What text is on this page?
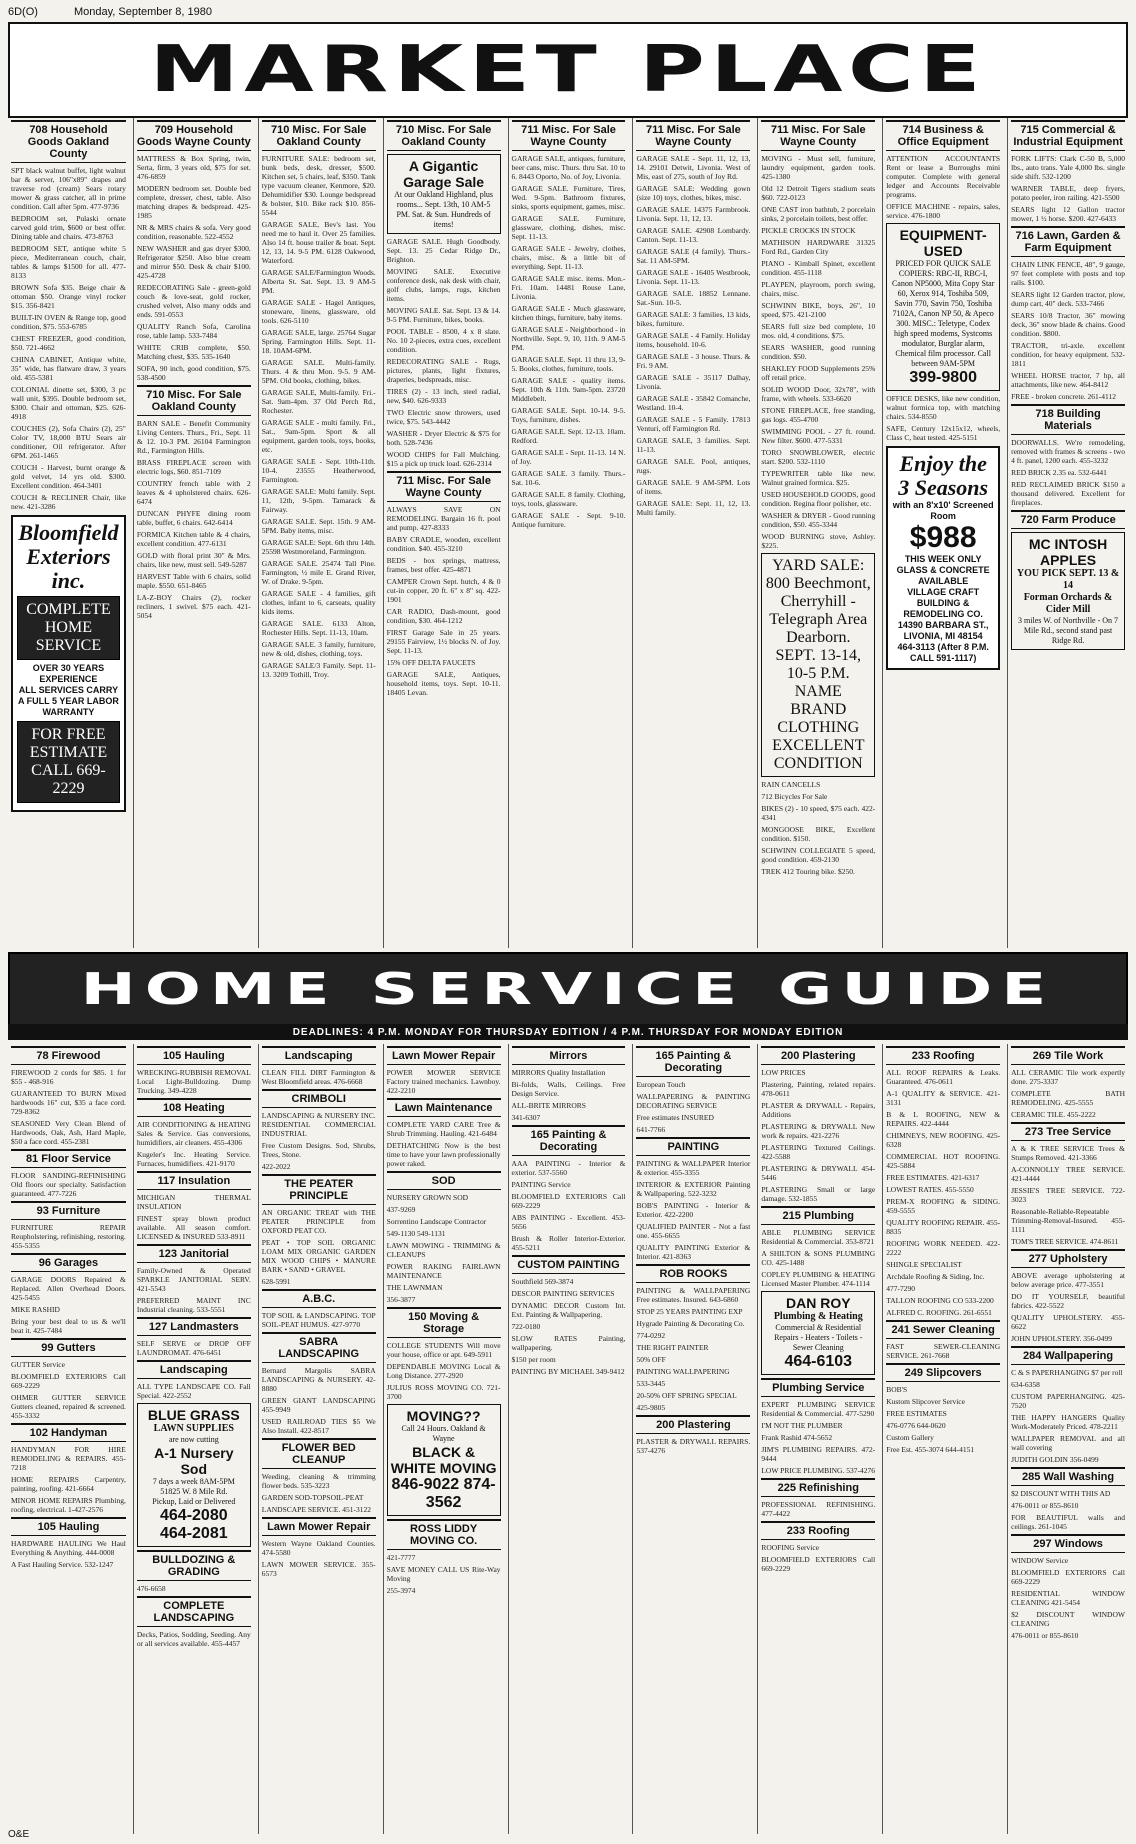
6D(O)	Monday, September 8, 1980
MARKET PLACE
708 Household Goods Oakland County
SPT black walnut buffet, light walnut bar & server, 106"x89" drapes and traverse rod (cream) Sears rotary mower & grass catcher, all in prime condition. Call after 5pm. 477-9736
BEDROOM set, Pulaski ornate carved gold trim, $600 or best offer. Dining table and chairs. 473-8763
BEDROOM SET, antique white 5 piece, Mediterranean couch, chair, tables & lamps $1500 for all. 477-8133
BROWN Sofa $35. Beige chair & ottoman $50. Orange vinyl rocker $15. 356-8421
BUILT-IN OVEN & Range top, good condition, $75. 553-6785
CHEST FREEZER, good condition, $50. 721-4662
CHINA CABINET, Antique white, 35" wide, has flatware draw, 3 years old. 455-5381
COLONIAL dinette set, $300, 3 pc wall unit, $395. Double bedroom set, $300. Chair and ottoman, $25. 626-4918
COUCHES (2), Sofa Chairs (2), 25" Color TV, 18,000 BTU Sears air conditioner, Oil refrigerator. After 6PM. 261-1465
COUCH - Harvest, burnt orange & gold velvet, 14 yrs old. $300. Excellent condition. 464-3401
COUCH & RECLINER Chair, like new. 421-3286
Bloomfield Exteriors inc.
COMPLETE HOME SERVICE
OVER 30 YEARS EXPERIENCE
ALL SERVICES CARRY A FULL 5 YEAR LABOR WARRANTY
FOR FREE ESTIMATE CALL 669-2229
709 Household Goods Wayne County
MATTRESS & Box Spring, twin, Serta, firm, 3 years old, $75 for set. 476-6859
MODERN bedroom set. Double bed complete, dresser, chest, table. Also matching drapes & bedspread. 425-1985
NR & MRS chairs & sofa. Very good condition, reasonable. 522-4552
NEW WASHER and gas dryer $300. Refrigerator $250. Also blue cream and mirror $50. Desk & chair $100. 425-4728
REDECORATING Sale - green-gold couch & love-seat, gold rocker, crushed velvet, Also many odds and ends. 591-0553
QUALITY Ranch Sofa, Carolina rose, table lamp. 533-7484
WHITE CRIB complete, $50. Matching chest, $35. 535-1640
SOFA, 90 inch, good condition, $75. 538-4500
710 Misc. For Sale Oakland County
BARN SALE - Benefit Community Living Centers. Thurs., Fri., Sept. 11 & 12. 10-3 PM. 26104 Farmington Rd., Farmington Hills.
BRASS FIREPLACE screen with electric logs, $60. 851-7109
COUNTRY french table with 2 leaves & 4 upholstered chairs. 626-6474
DUNCAN PHYFE dining room table, buffet, 6 chairs. 642-6414
FORMICA Kitchen table & 4 chairs, excellent condition. 477-6131
GOLD with floral print 30" & Mrs. chairs, like new, must sell. 549-5287
HARVEST Table with 6 chairs, solid maple. $550. 651-8465
LA-Z-BOY Chairs (2), rocker recliners, 1 swivel. $75 each. 421-5054
710 Misc. For Sale Oakland County
FURNITURE SALE: bedroom set, bunk beds, desk, dresser, $500. Kitchen set, 5 chairs, leaf, $350. Tank type vacuum cleaner, Kenmore, $20. Dehumidifier $30. Lounge bedspread & bolster, $10. Bike rack $10. 856-5544
GARAGE SALE, Bev's last. You need me to haul it. Over 25 families. Also 14 ft. house trailer & boat. Sept. 12, 13, 14. 9-5 PM. 6128 Oakwood, Waterford.
GARAGE SALE/Farmington Woods. Alberta St. Sat. Sept. 13. 9 AM-5 PM.
GARAGE SALE - Hagel Antiques, stoneware, linens, glassware, old tools. 626-5110
GARAGE SALE, large. 25764 Sugar Spring. Farmington Hills. Sept. 11-18. 10AM-6PM.
GARAGE SALE. Multi-family. Thurs. 4 & thru Mon. 9-5. 9 AM-5PM. Old books, clothing, bikes.
GARAGE SALE, Multi-family. Fri.-Sat. 9am-4pm. 37 Old Perch Rd., Rochester.
GARAGE SALE - multi family. Fri., Sat., 9am-5pm. Sport & all equipment, garden tools, toys, books, etc.
GARAGE SALE - Sept. 10th-11th. 10-4. 23555 Heatherwood, Farmington.
GARAGE SALE: Multi family. Sept. 11, 12th, 9-5pm. Tamarack & Fairway.
GARAGE SALE. Sept. 15th. 9 AM-5PM. Baby items, misc.
GARAGE SALE: Sept. 6th thru 14th. 25598 Westmoreland, Farmington.
GARAGE SALE. 25474 Tall Pine. Farmington, ½ mile E. Grand River, W. of Drake. 9-5pm.
GARAGE SALE - 4 families, gift clothes, infant to 6, carseats, quality kids items.
GARAGE SALE. 6133 Alton, Rochester Hills. Sept. 11-13, 10am.
GARAGE SALE. 3 family, furniture, new & old, dishes, clothing, toys.
GARAGE SALE/3 Family. Sept. 11-13. 3209 Tothill, Troy.
710 Misc. For Sale Oakland County
A Gigantic Garage Sale
At our Oakland Highland, plus rooms... Sept. 13th, 10 AM-5 PM. Sat. & Sun. Hundreds of items!
GARAGE SALE. Hugh Goodbody. Sept. 13. 25 Cedar Ridge Dr., Brighton.
MOVING SALE. Executive conference desk, oak desk with chair, golf clubs, lamps, rugs, kitchen items.
MOVING SALE. Sat. Sept. 13 & 14. 9-5 PM. Furniture, bikes, books.
POOL TABLE - 8500, 4 x 8 slate. No. 10 2-pieces, extra cues, excellent condition.
REDECORATING SALE - Rugs, pictures, plants, light fixtures, draperies, bedspreads, misc.
TIRES (2) - 13 inch, steel radial, new, $40. 626-9333
TWO Electric snow throwers, used twice, $75. 543-4442
WASHER - Dryer Electric & $75 for both. 528-7436
WOOD CHIPS for Fall Mulching. $15 a pick up truck load. 626-2314
711 Misc. For Sale Wayne County
ALWAYS SAVE ON REMODELING. Bargain 16 ft. pool and pump. 427-8333
BABY CRADLE, wooden, excellent condition. $40. 455-3210
BEDS - box springs, mattress, frames, best offer. 425-4871
CAMPER Crown Sept. hutch, 4 & 0 cut-in copper, 20 ft. 6" x 8" sq. 422-1901
CAR RADIO, Dash-mount, good condition, $30. 464-1212
FIRST Garage Sale in 25 years. 29155 Fairview, 1½ blocks N. of Joy. Sept. 11-13.
15% OFF DELTA FAUCETS
GARAGE SALE, Antiques, household items, toys. Sept. 10-11. 18405 Levan.
711 Misc. For Sale Wayne County
GARAGE SALE, antiques, furniture, beer cans, misc. Thurs. thru Sat. 10 to 6. 8443 Oporto, No. of Joy, Livonia.
GARAGE SALE. Furniture, Tires, Wed. 9-5pm. Bathroom fixtures, sinks, sports equipment, games, misc.
GARAGE SALE. Furniture, glassware, clothing, dishes, misc. Sept. 11-13.
GARAGE SALE - Jewelry, clothes, chairs, misc. & a little bit of everything. Sept. 11-13.
GARAGE SALE misc. items. Mon.-Fri. 10am. 14481 Rouse Lane, Livonia.
GARAGE SALE - Much glassware, kitchen things, furniture, baby items.
GARAGE SALE - Neighborhood - in Northville. Sept. 9, 10, 11th. 9 AM-5 PM.
GARAGE SALE. Sept. 11 thru 13, 9-5. Books, clothes, furniture, tools.
GARAGE SALE - quality items. Sept. 10th & 11th. 9am-5pm. 23720 Middlebelt.
GARAGE SALE. Sept. 10-14. 9-5. Toys, furniture, dishes.
GARAGE SALE. Sept. 12-13. 10am. Redford.
GARAGE SALE - Sept. 11-13. 14 N. of Joy.
GARAGE SALE. 3 family. Thurs.-Sat. 10-6.
GARAGE SALE. 8 family. Clothing, toys, tools, glassware.
GARAGE SALE - Sept. 9-10. Antique furniture.
711 Misc. For Sale Wayne County
GARAGE SALE - Sept. 11, 12, 13, 14. 29101 Detwit, Livonia. West of Mis, east of 275, south of Joy Rd.
GARAGE SALE: Wedding gown (size 10) toys, clothes, bikes, misc.
GARAGE SALE. 14375 Farmbrook. Livonia. Sept. 11, 12, 13.
GARAGE SALE. 42908 Lombardy. Canton. Sept. 11-13.
GARAGE SALE (4 family). Thurs.-Sat. 11 AM-5PM.
GARAGE SALE - 16405 Westbrook, Livonia. Sept. 11-13.
GARAGE SALE. 18852 Lennane. Sat.-Sun. 10-5.
GARAGE SALE: 3 families, 13 kids, bikes, furniture.
GARAGE SALE - 4 Family. Holiday items, household. 10-6.
GARAGE SALE - 3 house. Thurs. & Fri. 9 AM.
GARAGE SALE - 35117 Dalhay, Livonia.
GARAGE SALE - 35842 Comanche, Westland. 10-4.
GARAGE SALE - 5 Family. 17813 Venturi, off Farmington Rd.
GARAGE SALE, 3 families. Sept. 11-13.
GARAGE SALE. Pool, antiques, rugs.
GARAGE SALE. 9 AM-5PM. Lots of items.
GARAGE SALE: Sept. 11, 12, 13. Multi family.
711 Misc. For Sale Wayne County
MOVING - Must sell, furniture, laundry equipment, garden tools. 425-1380
Old 12 Detroit Tigers stadium seats $60. 722-0123
ONE CAST iron bathtub, 2 porcelain sinks, 2 porcelain toilets, best offer.
PICKLE CROCKS IN STOCK
MATHISON HARDWARE 31325 Ford Rd., Garden City
PIANO - Kimball Spinet, excellent condition. 455-1118
PLAYPEN, playroom, porch swing, chairs, misc.
SCHWINN BIKE, boys, 26", 10 speed, $75. 421-2100
SEARS full size bed complete, 10 mos. old, 4 conditions. $75.
SEARS WASHER, good running condition. $50.
SHAKLEY FOOD Supplements 25% off retail price.
SOLID WOOD Door, 32x78", with frame, with wheels. 533-6620
STONE FIREPLACE, free standing, gas logs. 455-4700
SWIMMING POOL - 27 ft. round. New filter. $600. 477-5331
TORO SNOWBLOWER, electric start. $200. 532-1110
TYPEWRITER table like new. Walnut grained formica. $25.
USED HOUSEHOLD GOODS, good condition. Regina floor polisher, etc.
WASHER & DRYER - Good running condition, $50. 455-3344
WOOD BURNING stove, Ashley. $225.
YARD SALE: 800 Beechmont, Cherryhill - Telegraph Area Dearborn. SEPT. 13-14, 10-5 P.M. NAME BRAND CLOTHING EXCELLENT CONDITION
RAIN CANCELLS
712 Bicycles For Sale
BIKES (2) - 10 speed, $75 each. 422-4341
MONGOOSE BIKE, Excellent condition. $150.
SCHWINN COLLEGIATE 5 speed, good condition. 459-2130
TREK 412 Touring bike. $250.
714 Business & Office Equipment
ATTENTION ACCOUNTANTS Rent or lease a Burroughs mini computer. Complete with general ledger and Accounts Receivable programs.
OFFICE MACHINE - repairs, sales, service. 476-1800
EQUIPMENT-USED
PRICED FOR QUICK SALE COPIERS: RBC-II, RBC-I, Canon NP5000, Mita Copy Star 60, Xerox 914, Toshiba 509, Savin 770, Savin 750, Toshiba 7102A, Canon NP 50, & Apeco 300. MISC.: Teletype, Codex high speed modems, Systcoms modulator, Burglar alarm, Chemical film processor. Call between 9AM-5PM
399-9800
OFFICE DESKS, like new condition, walnut formica top, with matching chairs. 534-8550
SAFE, Century 12x15x12, wheels, Class C, heat tested. 425-5151
Enjoy the 3 Seasons
with an 8'x10' Screened Room
$988
THIS WEEK ONLY GLASS & CONCRETE AVAILABLE
VILLAGE CRAFT BUILDING & REMODELING CO.
14390 BARBARA ST., LIVONIA, MI 48154
464-3113 (After 8 P.M. CALL 591-1117)
715 Commercial & Industrial Equipment
FORK LIFTS: Clark C-50 B, 5,000 lbs., auto trans. Yale 4,000 lbs. single side shift. 532-1200
WARNER TABLE, deep fryers, potato peeler, iron railing. 421-5500
SEARS light 12 Gallon tractor mower, 1 ½ horse. $200. 427-6433
716 Lawn, Garden & Farm Equipment
CHAIN LINK FENCE, 48", 9 gauge, 97 feet complete with posts and top rails. $100.
SEARS light 12 Garden tractor, plow, dump cart, 40" deck. 533-7466
SEARS 10/8 Tractor, 36" mowing deck, 36" snow blade & chains. Good condition. $800.
TRACTOR, tri-axle. excellent condition, for heavy equipment. 532-1811
WHEEL HORSE tractor, 7 hp, all attachments, like new. 464-8412
FREE - broken concrete. 261-4112
718 Building Materials
DOORWALLS. We're remodeling, removed with frames & screens - two 4 ft. panel, 1200 each. 455-3232
RED BRICK 2.35 ea. 532-6441
RED RECLAIMED BRICK $150 a thousand delivered. Excellent for fireplaces.
720 Farm Produce
MC INTOSH APPLES
YOU PICK SEPT. 13 & 14
Forman Orchards & Cider Mill
3 miles W. of Northville - On 7 Mile Rd., second stand past Ridge Rd.
HOME SERVICE GUIDE
DEADLINES: 4 P.M. MONDAY FOR THURSDAY EDITION / 4 P.M. THURSDAY FOR MONDAY EDITION
78 Firewood
FIREWOOD 2 cords for $85. 1 for $55 - 468-916
GUARANTEED TO BURN Mixed hardwoods 16" cut, $35 a face cord. 729-8362
SEASONED Very Clean Blend of Hardwoods, Oak, Ash, Hard Maple, $50 a face cord. 455-2381
81 Floor Service
FLOOR SANDING-REFINISHING Old floors our specialty. Satisfaction guaranteed. 477-7226
93 Furniture
FURNITURE REPAIR Reupholstering, refinishing, restoring. 455-5355
96 Garages
GARAGE DOORS Repaired & Replaced. Allen Overhead Doors. 425-5455
MIKE RASHID
Bring your best deal to us & we'll beat it. 425-7484
99 Gutters
GUTTER Service
BLOOMFIELD EXTERIORS Call 669-2229
OHMER GUTTER SERVICE Gutters cleaned, repaired & screened. 455-3332
102 Handyman
HANDYMAN FOR HIRE REMODELING & REPAIRS. 455-7218
HOME REPAIRS Carpentry, painting, roofing. 421-6664
MINOR HOME REPAIRS Plumbing, roofing, electrical. 1-427-2576
105 Hauling
HARDWARE HAULING We Haul Everything & Anything. 444-0008
A Fast Hauling Service. 532-1247
105 Hauling
WRECKING-RUBBISH REMOVAL Local Light-Bulldozing. Dump Trucking. 349-4228
108 Heating
AIR CONDITIONING & HEATING Sales & Service. Gas conversions, humidifiers, air cleaners. 455-4306
Kugeler's Inc. Heating Service. Furnaces, humidifiers. 421-9170
117 Insulation
MICHIGAN THERMAL INSULATION
FINEST spray blown product available. All season comfort. LICENSED & INSURED 533-8911
123 Janitorial
Family-Owned & Operated SPARKLE JANITORIAL SERV. 421-5543
PREFERRED MAINT INC Industrial cleaning. 533-5551
127 Landmasters
SELF SERVE or DROP OFF LAUNDROMAT. 476-6451
Landscaping
ALL TYPE LANDSCAPE CO. Fall Special. 422-2552
BLUE GRASS
LAWN SUPPLIES
are now cutting
A-1 Nursery Sod
7 days a week 8AM-5PM
51825 W. 8 Mile Rd.
Pickup, Laid or Delivered
464-2080
464-2081
BULLDOZING & GRADING
476-6658
COMPLETE LANDSCAPING
Decks, Patios, Sodding, Seeding. Any or all services available. 455-4457
Landscaping
CLEAN FILL DIRT Farmington & West Bloomfield areas. 476-6668
CRIMBOLI
LANDSCAPING & NURSERY INC. RESIDENTIAL COMMERCIAL INDUSTRIAL
Free Custom Designs. Sod, Shrubs, Trees, Stone.
422-2022
THE PEATER PRINCIPLE
AN ORGANIC TREAT with THE PEATER PRINCIPLE from OXFORD PEAT CO.
PEAT • TOP SOIL ORGANIC LOAM MIX ORGANIC GARDEN MIX WOOD CHIPS • MANURE BARK • SAND • GRAVEL
628-5991
A.B.C.
TOP SOIL & LANDSCAPING. TOP SOIL-PEAT HUMUS. 427-9770
SABRA LANDSCAPING
Bernard Margolis SABRA LANDSCAPING & NURSERY. 42-8880
GREEN GIANT LANDSCAPING 455-9949
USED RAILROAD TIES $5 We Also Install. 422-8517
FLOWER BED CLEANUP
Weeding, cleaning & trimming flower beds. 535-3223
GARDEN SOD-TOPSOIL-PEAT
LANDSCAPE SERVICE. 451-3122
Lawn Mower Repair
Western Wayne Oakland Counties. 474-5580
LAWN MOWER SERVICE. 355-6573
Lawn Mower Repair
POWER MOWER SERVICE Factory trained mechanics. Lawnboy. 422-2210
Lawn Maintenance
COMPLETE YARD CARE Tree & Shrub Trimming. Hauling. 421-6484
DETHATCHING Now is the best time to have your lawn professionally power raked.
SOD
NURSERY GROWN SOD
437-9269
Sorrentino Landscape Contractor
549-1130 549-1131
LAWN MOWING - TRIMMING & CLEANUPS
POWER RAKING FAIRLAWN MAINTENANCE
THE LAWNMAN
356-3877
150 Moving & Storage
COLLEGE STUDENTS Will move your house, office or apt. 649-5911
DEPENDABLE MOVING Local & Long Distance. 277-2920
JULIUS ROSS MOVING CO. 721-3700
MOVING??
Call 24 Hours. Oakland & Wayne
BLACK & WHITE MOVING
846-9022 874-3562
ROSS LIDDY MOVING CO.
421-7777
SAVE MONEY CALL US Rite-Way Moving
255-3974
Mirrors
MIRRORS Quality Installation
Bi-folds, Walls, Ceilings. Free Design Service.
ALL-BRITE MIRRORS
341-6307
165 Painting & Decorating
AAA PAINTING - Interior & exterior. 537-5560
PAINTING Service
BLOOMFIELD EXTERIORS Call 669-2229
ABS PAINTING - Excellent. 453-5656
Brush & Roller Interior-Exterior. 455-5211
CUSTOM PAINTING
Southfield 569-3874
DESCOR PAINTING SERVICES
DYNAMIC DECOR Custom Int. Ext. Painting & Wallpapering.
722-0180
SLOW RATES Painting, wallpapering.
$150 per room
PAINTING BY MICHAEL 349-9412
165 Painting & Decorating
European Touch
WALLPAPERING & PAINTING DECORATING SERVICE
Free estimates INSURED
641-7766
PAINTING
PAINTING & WALLPAPER Interior & exterior. 455-3355
INTERIOR & EXTERIOR Painting & Wallpapering. 522-3232
BOB'S PAINTING - Interior & Exterior. 422-2200
QUALIFIED PAINTER - Not a fast one. 455-6655
QUALITY PAINTING Exterior & Interior. 421-8363
ROB ROOKS
PAINTING & WALLPAPERING Free estimates. Insured. 643-6860
STOP 25 YEARS PAINTING EXP
Hygrade Painting & Decorating Co.
774-0292
THE RIGHT PAINTER
50% OFF
PAINTING WALLPAPERING
533-3445
20-50% OFF SPRING SPECIAL
425-9805
200 Plastering
PLASTER & DRYWALL REPAIRS. 537-4276
200 Plastering
LOW PRICES
Plastering, Painting, related repairs. 478-0611
PLASTER & DRYWALL - Repairs, Additions
PLASTERING & DRYWALL New work & repairs. 421-2276
PLASTERING Textured Ceilings. 422-5588
PLASTERING & DRYWALL 454-5446
PLASTERING Small or large damage. 532-1855
215 Plumbing
ABLE PLUMBING SERVICE Residential & Commercial. 353-8721
A SHILTON & SONS PLUMBING CO. 425-1488
COPLEY PLUMBING & HEATING Licensed Master Plumber. 474-1114
DAN ROY
Plumbing & Heating
Commercial & Residential Repairs - Heaters - Toilets - Sewer Cleaning
464-6103
Plumbing Service
EXPERT PLUMBING SERVICE Residential & Commercial. 477-5290
I'M NOT THE PLUMBER
Frank Rashid 474-5652
JIM'S PLUMBING REPAIRS. 472-9444
LOW PRICE PLUMBING. 537-4276
225 Refinishing
PROFESSIONAL REFINISHING. 477-4422
233 Roofing
ROOFING Service
BLOOMFIELD EXTERIORS Call 669-2229
233 Roofing
ALL ROOF REPAIRS & Leaks. Guaranteed. 476-0611
A-1 QUALITY & SERVICE. 421-3131
B & L ROOFING, NEW & REPAIRS. 422-4444
CHIMNEYS, NEW ROOFING. 425-6328
COMMERCIAL HOT ROOFING. 425-5884
FREE ESTIMATES. 421-6317
LOWEST RATES. 455-5550
PREM-X ROOFING & SIDING. 459-5555
QUALITY ROOFING REPAIR. 455-8835
ROOFING WORK NEEDED. 422-2222
SHINGLE SPECIALIST
Archdale Roofing & Siding, Inc.
477-7290
TALLON ROOFING CO 533-2200
ALFRED C. ROOFING. 261-6551
241 Sewer Cleaning
FAST SEWER-CLEANING SERVICE. 261-7668
249 Slipcovers
BOB'S
Kustom Slipcover Service
FREE ESTIMATES
476-0776 644-0620
Custom Gallery
Free Est. 455-3074 644-4151
269 Tile Work
ALL CERAMIC Tile work expertly done. 275-3337
COMPLETE BATH REMODELING. 425-5555
CERAMIC TILE. 455-2222
273 Tree Service
A & K TREE SERVICE Trees & Stumps Removed. 421-3366
A-CONNOLLY TREE SERVICE. 421-4444
JESSIE'S TREE SERVICE. 722-3023
Reasonable-Reliable-Repeatable Trimming-Removal-Insured. 455-1111
TOM'S TREE SERVICE. 474-8611
277 Upholstery
ABOVE average upholstering at below average price. 477-3551
DO IT YOURSELF, beautiful fabrics. 422-5522
QUALITY UPHOLSTERY. 455-6622
JOHN UPHOLSTERY. 356-0499
284 Wallpapering
C & S PAPERHANGING $7 per roll
634-6358
CUSTOM PAPERHANGING. 425-7520
THE HAPPY HANGERS Quality Work-Moderately Priced. 478-2211
WALLPAPER REMOVAL and all wall covering
JUDITH GOLDIN 356-0499
285 Wall Washing
$2 DISCOUNT WITH THIS AD
476-0011 or 855-8610
FOR BEAUTIFUL walls and ceilings. 261-1045
297 Windows
WINDOW Service
BLOOMFIELD EXTERIORS Call 669-2229
RESIDENTIAL WINDOW CLEANING 421-5454
$2 DISCOUNT WINDOW CLEANING
476-0011 or 855-8610
O&E
